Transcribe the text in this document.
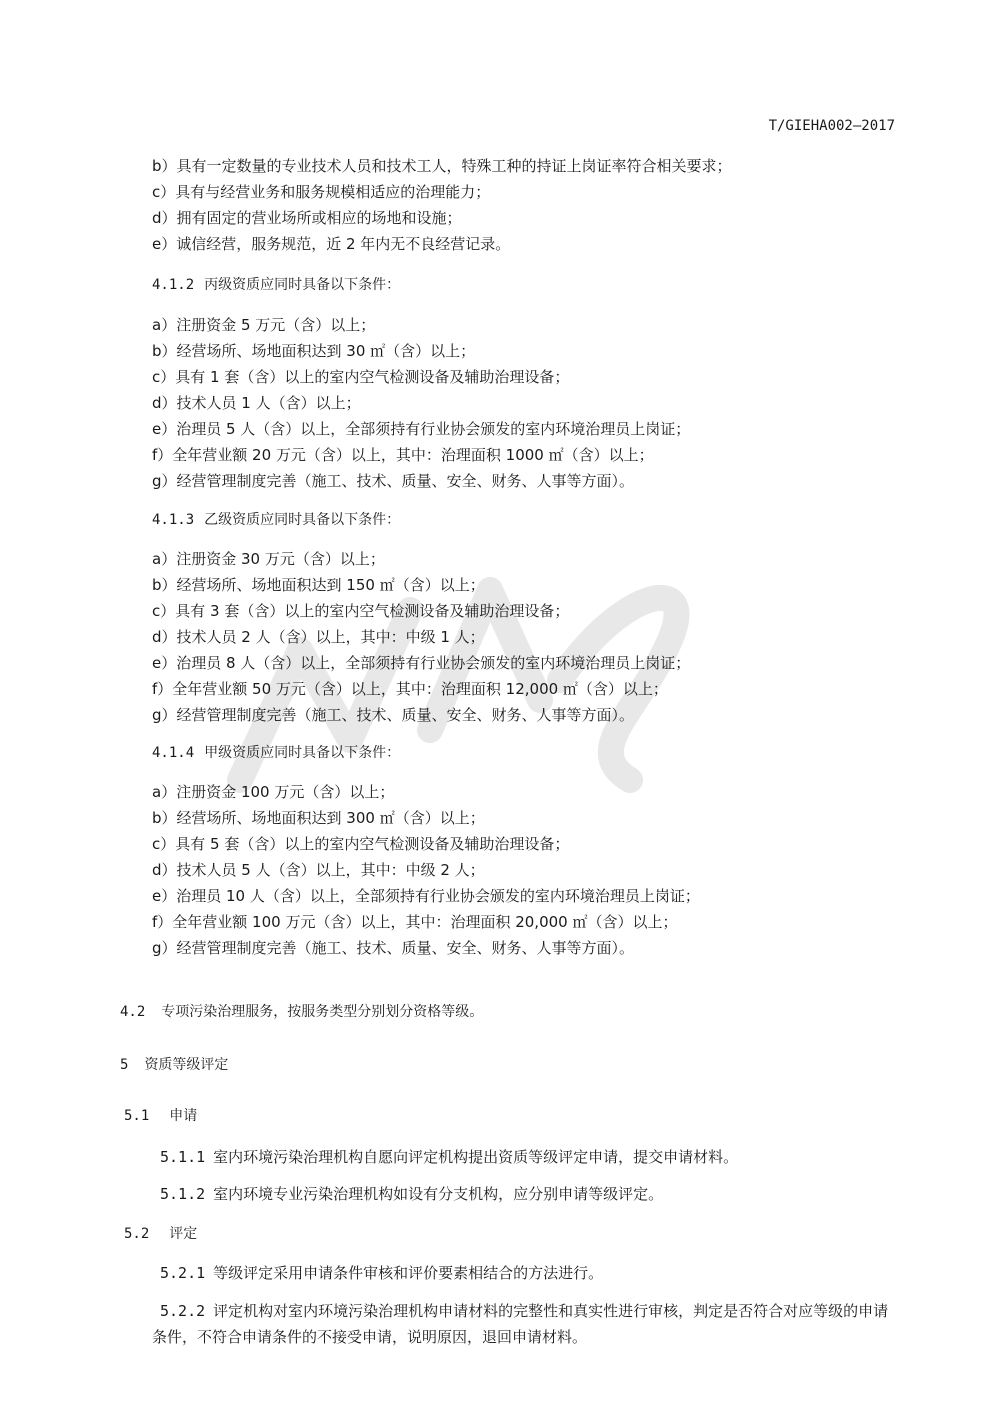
T/GIEHA002—2017
b）具有一定数量的专业技术人员和技术工人，特殊工种的持证上岗证率符合相关要求；
c）具有与经营业务和服务规模相适应的治理能力；
d）拥有固定的营业场所或相应的场地和设施；
e）诚信经营，服务规范，近 2 年内无不良经营记录。
4.1.2 丙级资质应同时具备以下条件：
a）注册资金 5 万元（含）以上；
b）经营场所、场地面积达到 30 ㎡（含）以上；
c）具有 1 套（含）以上的室内空气检测设备及辅助治理设备；
d）技术人员 1 人（含）以上；
e）治理员 5 人（含）以上，全部须持有行业协会颁发的室内环境治理员上岗证；
f）全年营业额 20 万元（含）以上，其中：治理面积 1000 ㎡（含）以上；
g）经营管理制度完善（施工、技术、质量、安全、财务、人事等方面）。
4.1.3 乙级资质应同时具备以下条件：
a）注册资金 30 万元（含）以上；
b）经营场所、场地面积达到 150 ㎡（含）以上；
c）具有 3 套（含）以上的室内空气检测设备及辅助治理设备；
d）技术人员 2 人（含）以上，其中：中级 1 人；
e）治理员 8 人（含）以上，全部须持有行业协会颁发的室内环境治理员上岗证；
f）全年营业额 50 万元（含）以上，其中：治理面积 12,000 ㎡（含）以上；
g）经营管理制度完善（施工、技术、质量、安全、财务、人事等方面）。
4.1.4 甲级资质应同时具备以下条件：
a）注册资金 100 万元（含）以上；
b）经营场所、场地面积达到 300 ㎡（含）以上；
c）具有 5 套（含）以上的室内空气检测设备及辅助治理设备；
d）技术人员 5 人（含）以上，其中：中级 2 人；
e）治理员 10 人（含）以上，全部须持有行业协会颁发的室内环境治理员上岗证；
f）全年营业额 100 万元（含）以上，其中：治理面积 20,000 ㎡（含）以上；
g）经营管理制度完善（施工、技术、质量、安全、财务、人事等方面）。
4.2 专项污染治理服务，按服务类型分别划分资格等级。
5 资质等级评定
5.1 申请
5.1.1 室内环境污染治理机构自愿向评定机构提出资质等级评定申请，提交申请材料。
5.1.2 室内环境专业污染治理机构如设有分支机构，应分别申请等级评定。
5.2 评定
5.2.1 等级评定采用申请条件审核和评价要素相结合的方法进行。
5.2.2 评定机构对室内环境污染治理机构申请材料的完整性和真实性进行审核，判定是否符合对应等级的申请条件，不符合申请条件的不接受申请，说明原因，退回申请材料。
